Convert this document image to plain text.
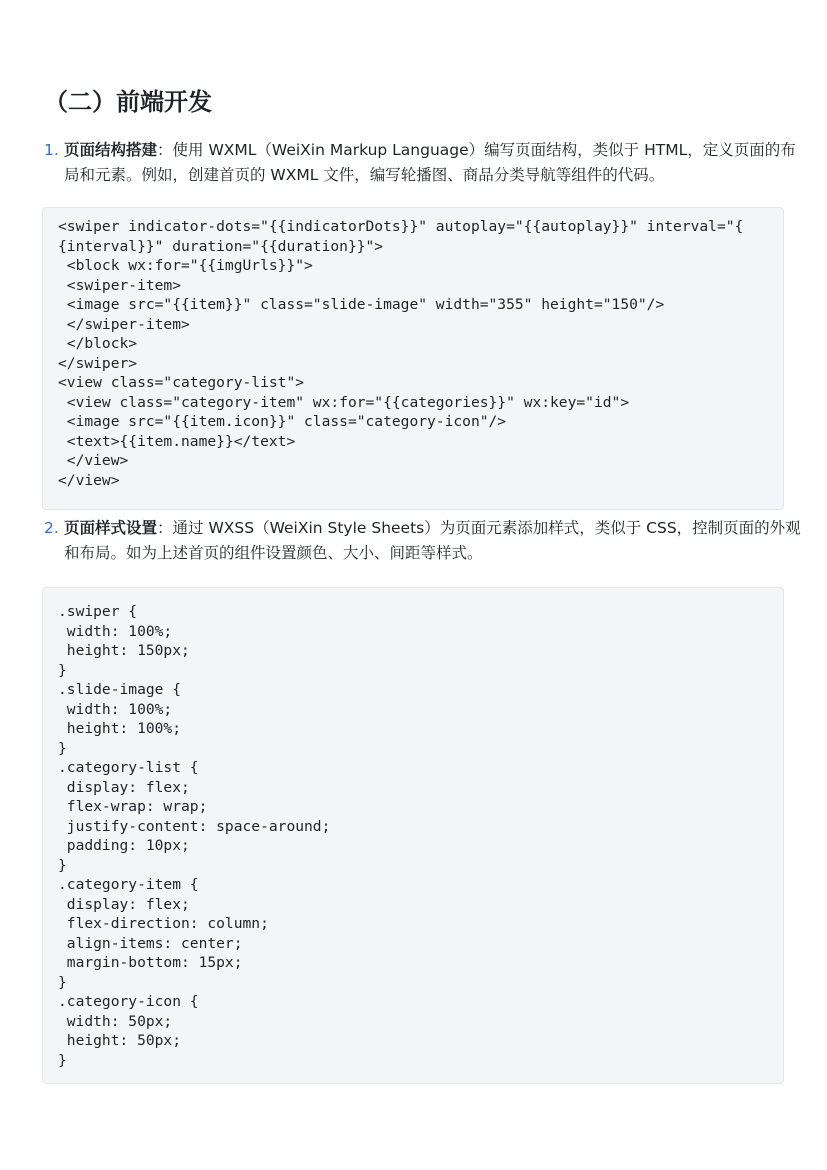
（二）前端开发
1. 页面结构搭建：使用 WXML（WeiXin Markup Language）编写页面结构，类似于 HTML，定义页面的布局和元素。例如，创建首页的 WXML 文件，编写轮播图、商品分类导航等组件的代码。
<swiper indicator-dots="{{indicatorDots}}" autoplay="{{autoplay}}" interval="{
{interval}}" duration="{{duration}}">
<block wx:for="{{imgUrls}}">
<swiper-item>
<image src="{{item}}" class="slide-image" width="355" height="150"/>
</swiper-item>
</block>
</swiper>
<view class="category-list">
<view class="category-item" wx:for="{{categories}}" wx:key="id">
<image src="{{item.icon}}" class="category-icon"/>
<text>{{item.name}}</text>
</view>
</view>
2. 页面样式设置：通过 WXSS（WeiXin Style Sheets）为页面元素添加样式，类似于 CSS，控制页面的外观和布局。如为上述首页的组件设置颜色、大小、间距等样式。
.swiper {
width: 100%;
height: 150px;
}
.slide-image {
width: 100%;
height: 100%;
}
.category-list {
display: flex;
flex-wrap: wrap;
justify-content: space-around;
padding: 10px;
}
.category-item {
display: flex;
flex-direction: column;
align-items: center;
margin-bottom: 15px;
}
.category-icon {
width: 50px;
height: 50px;
}
